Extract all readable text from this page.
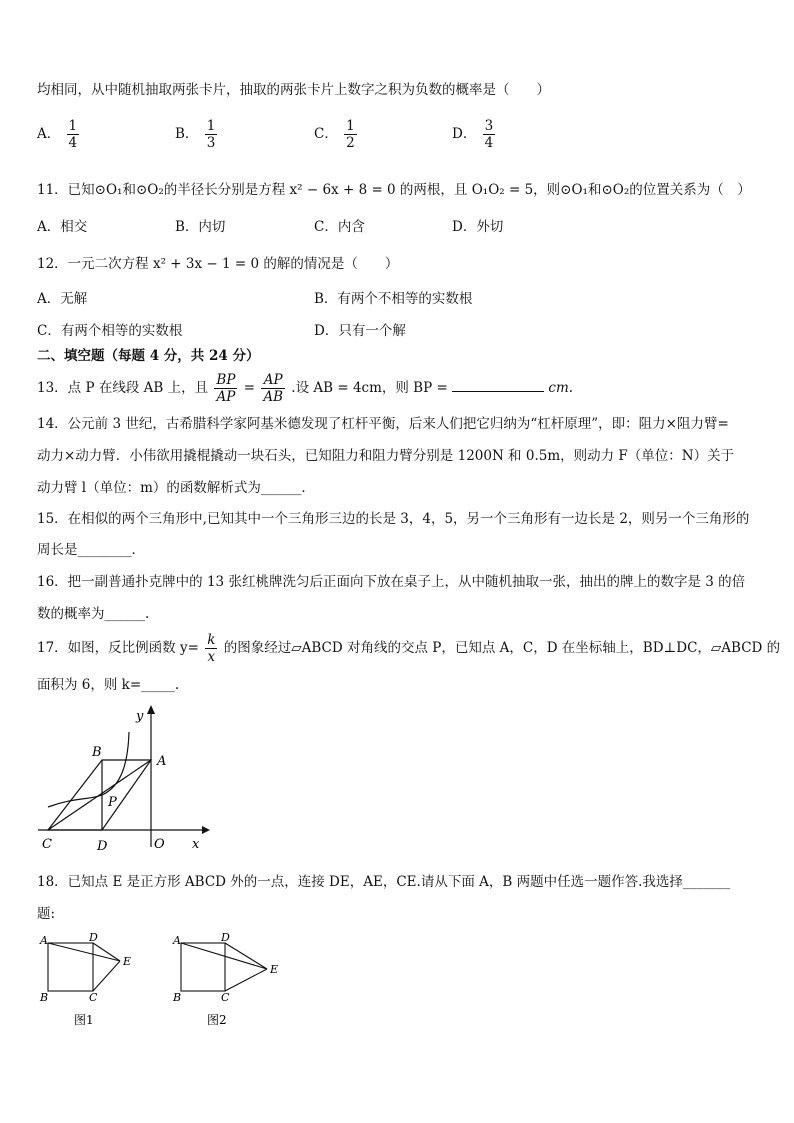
均相同，从中随机抽取两张卡片，抽取的两张卡片上数字之积为负数的概率是（　　）
A． $\frac{1}{4}$	B． $\frac{1}{3}$	C． $\frac{1}{2}$	D． $\frac{3}{4}$
11．已知⊙O₁和⊙O₂的半径长分别是方程 x² − 6x + 8 = 0 的两根，且 O₁O₂ = 5，则⊙O₁和⊙O₂的位置关系为（　）
A．相交	B．内切	C．内含	D．外切
12．一元二次方程 x² + 3x − 1 = 0 的解的情况是（　　）
A．无解	B．有两个不相等的实数根
C．有两个相等的实数根	D．只有一个解
二、填空题（每题 4 分，共 24 分）
13．点 P 在线段 AB 上，且 $\frac{BP}{AP} = \frac{AP}{AB}$ .设 AB = 4cm，则 BP =	cm.
14．公元前 3 世纪，古希腊科学家阿基米德发现了杠杆平衡，后来人们把它归纳为“杠杆原理”，即：阻力×阻力臂=
动力×动力臂．小伟欲用撬棍撬动一块石头，已知阻力和阻力臂分别是 1200N 和 0.5m，则动力 F（单位：N）关于
动力臂 l（单位：m）的函数解析式为______．
15．在相似的两个三角形中,已知其中一个三角形三边的长是 3，4，5，另一个三角形有一边长是 2，则另一个三角形的
周长是________．
16．把一副普通扑克牌中的 13 张红桃牌洗匀后正面向下放在桌子上，从中随机抽取一张，抽出的牌上的数字是 3 的倍
数的概率为______.
17．如图，反比例函数 $y= \frac{k}{x}$ 的图象经过▱ABCD 对角线的交点 P，已知点 A，C，D 在坐标轴上，BD⊥DC，▱ABCD 的
面积为 6，则 k=_____.
y
x
B
A
P
C	D	O
18．已知点 E 是正方形 ABCD 外的一点，连接 DE，AE，CE.请从下面 A，B 两题中任选一题作答.我选择_______
题:
A	D
E
B	C
图1
A	D
E
B	C
图2
